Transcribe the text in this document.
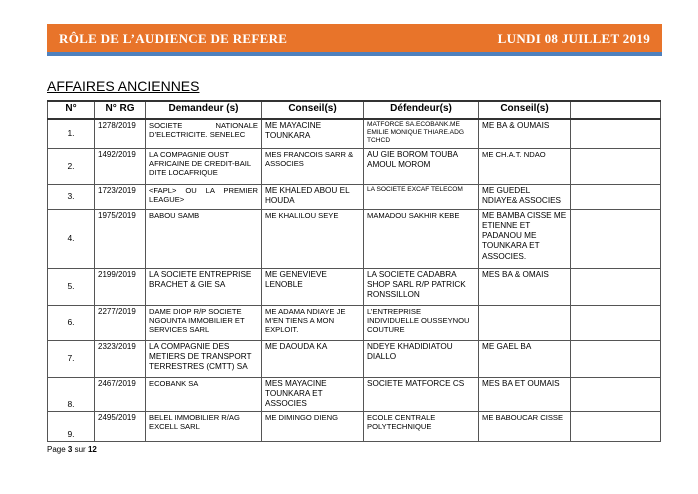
RÔLE DE L’AUDIENCE DE REFERE	LUNDI 08 JUILLET 2019
AFFAIRES ANCIENNES
N°	N° RG	Demandeur (s)	Conseil(s)	Défendeur(s)	Conseil(s)	
1.	1278/2019	SOCIETE NATIONALE D’ELECTRICITE. SENELEC	ME MAYACINE TOUNKARA	MATFORCE SA.ECOBANK.ME EMILIE MONIQUE THIARE.ADG TCHCD	ME BA & OUMAIS	
2.	1492/2019	LA COMPAGNIE OUST AFRICAINE DE CREDIT-BAIL DITE LOCAFRIQUE	MES FRANCOIS SARR & ASSOCIES	AU GIE BOROM TOUBA AMOUL MOROM	ME CH.A.T. NDAO	
3.	1723/2019	<FAPL> OU LA PREMIER LEAGUE>	ME KHALED ABOU EL HOUDA	LA SOCIETE EXCAF TELECOM	ME GUEDEL NDIAYE& ASSOCIES	
4.	1975/2019	BABOU SAMB	ME KHALILOU SEYE	MAMADOU SAKHIR KEBE	ME BAMBA CISSE ME ETIENNE ET PADANOU ME TOUNKARA ET ASSOCIES.	
5.	2199/2019	LA SOCIETE ENTREPRISE BRACHET & GIE SA	ME GENEVIEVE LENOBLE	LA SOCIETE CADABRA SHOP SARL R/P PATRICK RONSSILLON	MES BA & OMAIS	
6.	2277/2019	DAME DIOP R/P SOCIETE NGOUNTA IMMOBILIER ET SERVICES SARL	ME ADAMA NDIAYE JE M’EN TIENS A MON EXPLOIT.	L’ENTREPRISE INDIVIDUELLE OUSSEYNOU COUTURE		
7.	2323/2019	LA COMPAGNIE DES METIERS DE TRANSPORT TERRESTRES (CMTT) SA	ME DAOUDA KA	NDEYE KHADIDIATOU DIALLO	ME GAEL BA	
8.	2467/2019	ECOBANK SA	MES MAYACINE TOUNKARA ET ASSOCIES	SOCIETE MATFORCE CS	MES BA ET OUMAIS	
9.	2495/2019	BELEL IMMOBILIER R/AG EXCELL SARL	ME DIMINGO DIENG	ECOLE CENTRALE POLYTECHNIQUE	ME BABOUCAR CISSE	
Page 3 sur 12
